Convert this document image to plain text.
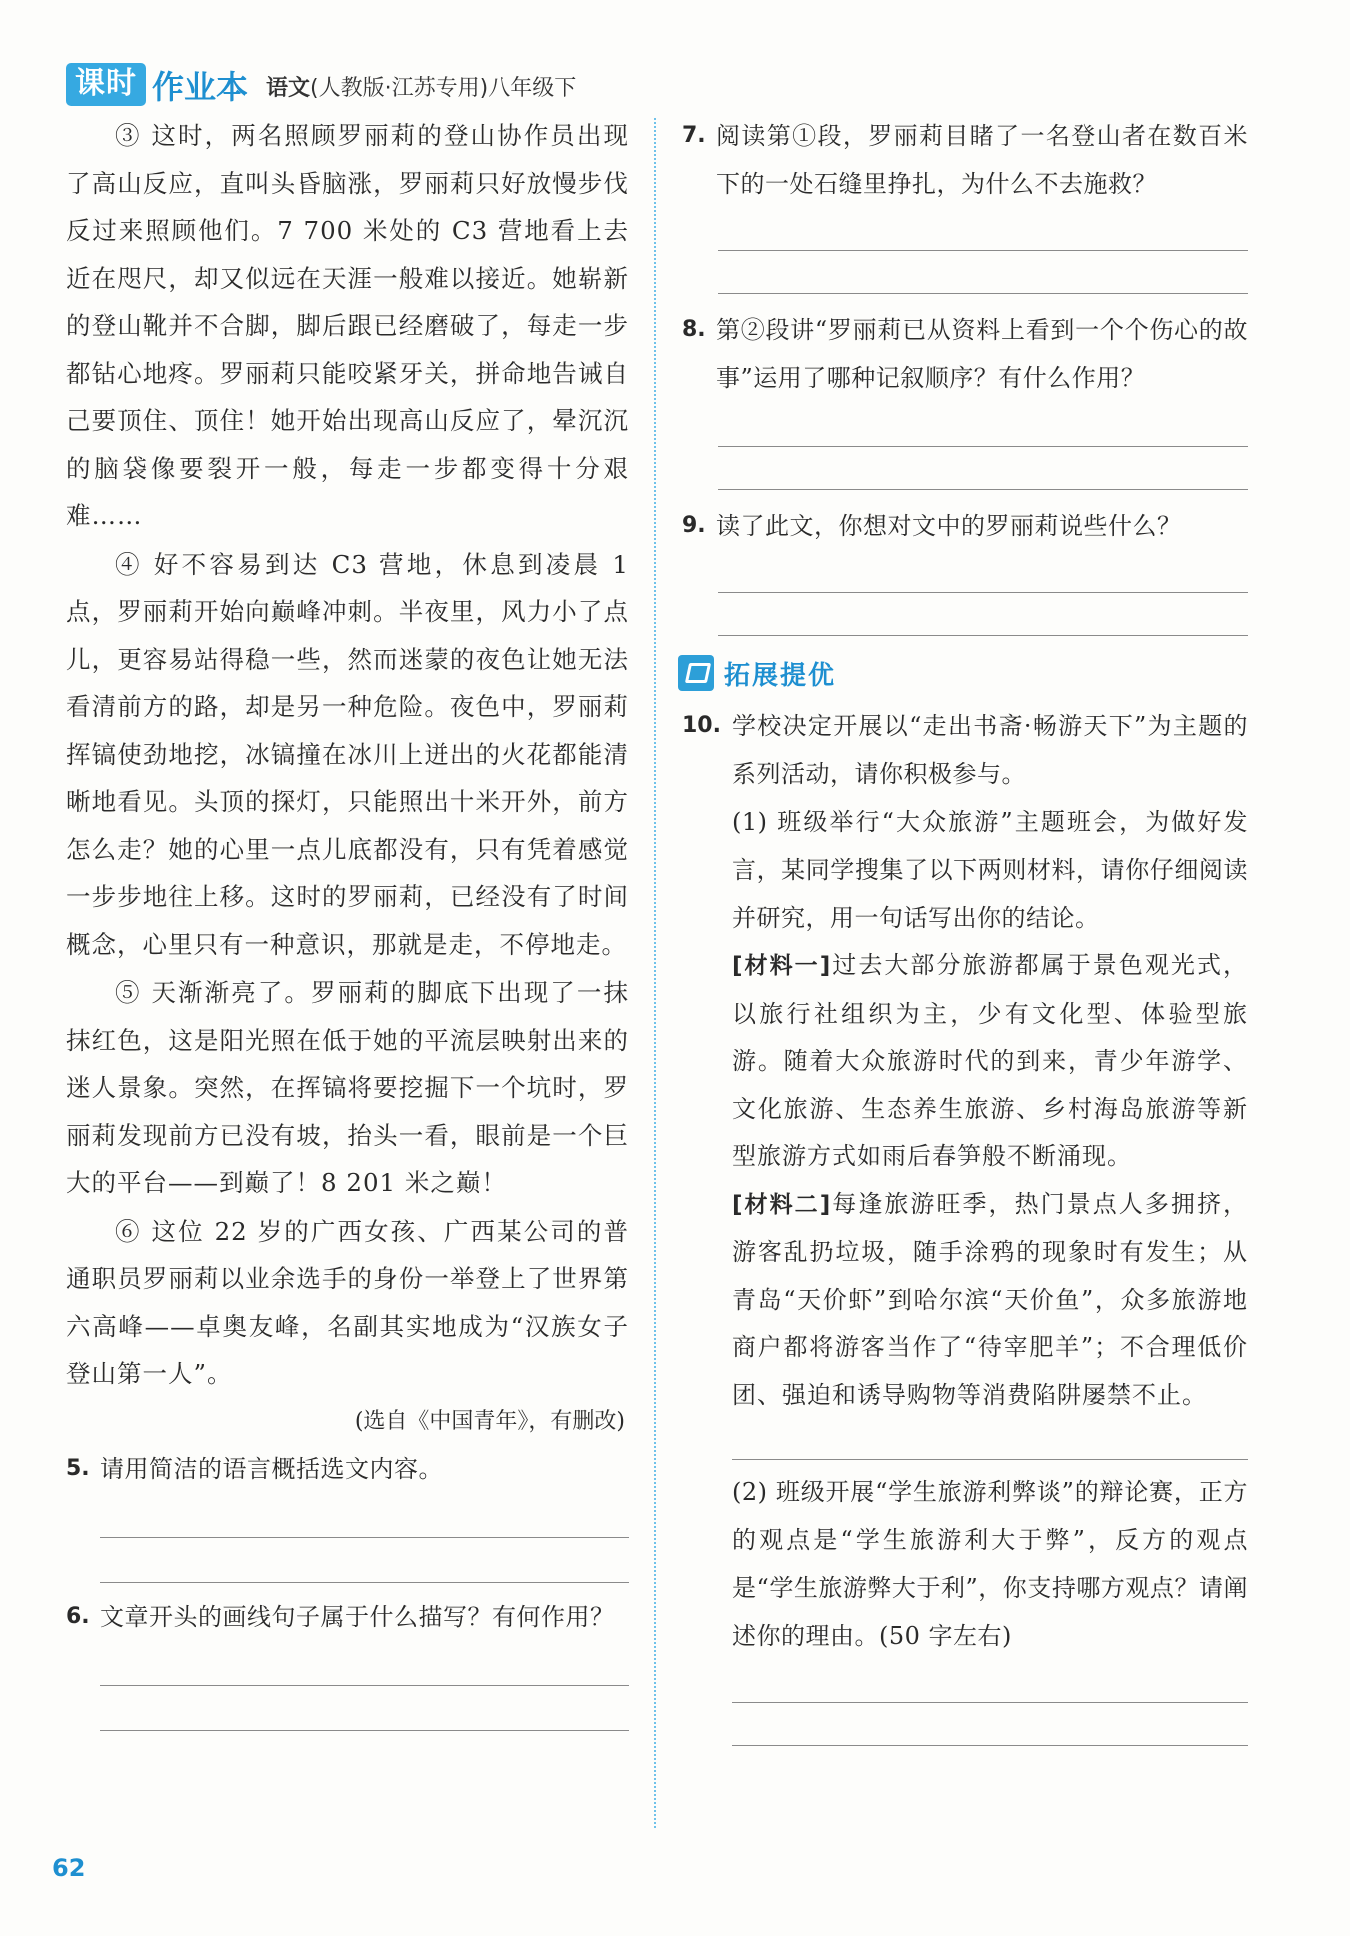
课时 作业本 语文(人教版·江苏专用)八年级下

③ 这时，两名照顾罗丽莉的登山协作员出现了高山反应，直叫头昏脑涨，罗丽莉只好放慢步伐反过来照顾他们。7 700 米处的 C3 营地看上去近在咫尺，却又似远在天涯一般难以接近。她崭新的登山靴并不合脚，脚后跟已经磨破了，每走一步都钻心地疼。罗丽莉只能咬紧牙关，拼命地告诫自己要顶住、顶住！她开始出现高山反应了，晕沉沉的脑袋像要裂开一般，每走一步都变得十分艰难……

④ 好不容易到达 C3 营地，休息到凌晨 1 点，罗丽莉开始向巅峰冲刺。半夜里，风力小了点儿，更容易站得稳一些，然而迷蒙的夜色让她无法看清前方的路，却是另一种危险。夜色中，罗丽莉挥镐使劲地挖，冰镐撞在冰川上迸出的火花都能清晰地看见。头顶的探灯，只能照出十米开外，前方怎么走？她的心里一点儿底都没有，只有凭着感觉一步步地往上移。这时的罗丽莉，已经没有了时间概念，心里只有一种意识，那就是走，不停地走。

⑤ 天渐渐亮了。罗丽莉的脚底下出现了一抹抹红色，这是阳光照在低于她的平流层映射出来的迷人景象。突然，在挥镐将要挖掘下一个坑时，罗丽莉发现前方已没有坡，抬头一看，眼前是一个巨大的平台——到巅了！8 201 米之巅！

⑥ 这位 22 岁的广西女孩、广西某公司的普通职员罗丽莉以业余选手的身份一举登上了世界第六高峰——卓奥友峰，名副其实地成为“汉族女子登山第一人”。

(选自《中国青年》，有删改)

5. 请用简洁的语言概括选文内容。
6. 文章开头的画线句子属于什么描写？有何作用？
7. 阅读第①段，罗丽莉目睹了一名登山者在数百米下的一处石缝里挣扎，为什么不去施救？
8. 第②段讲“罗丽莉已从资料上看到一个个伤心的故事”运用了哪种记叙顺序？有什么作用？
9. 读了此文，你想对文中的罗丽莉说些什么？
拓展提优
10. 学校决定开展以“走出书斋·畅游天下”为主题的系列活动，请你积极参与。

(1) 班级举行“大众旅游”主题班会，为做好发言，某同学搜集了以下两则材料，请你仔细阅读并研究，用一句话写出你的结论。

[材料一]过去大部分旅游都属于景色观光式，以旅行社组织为主，少有文化型、体验型旅游。随着大众旅游时代的到来，青少年游学、文化旅游、生态养生旅游、乡村海岛旅游等新型旅游方式如雨后春笋般不断涌现。

[材料二]每逢旅游旺季，热门景点人多拥挤，游客乱扔垃圾，随手涂鸦的现象时有发生；从青岛“天价虾”到哈尔滨“天价鱼”，众多旅游地商户都将游客当作了“待宰肥羊”；不合理低价团、强迫和诱导购物等消费陷阱屡禁不止。

(2) 班级开展“学生旅游利弊谈”的辩论赛，正方的观点是“学生旅游利大于弊”，反方的观点是“学生旅游弊大于利”，你支持哪方观点？请阐述你的理由。(50 字左右)

62
